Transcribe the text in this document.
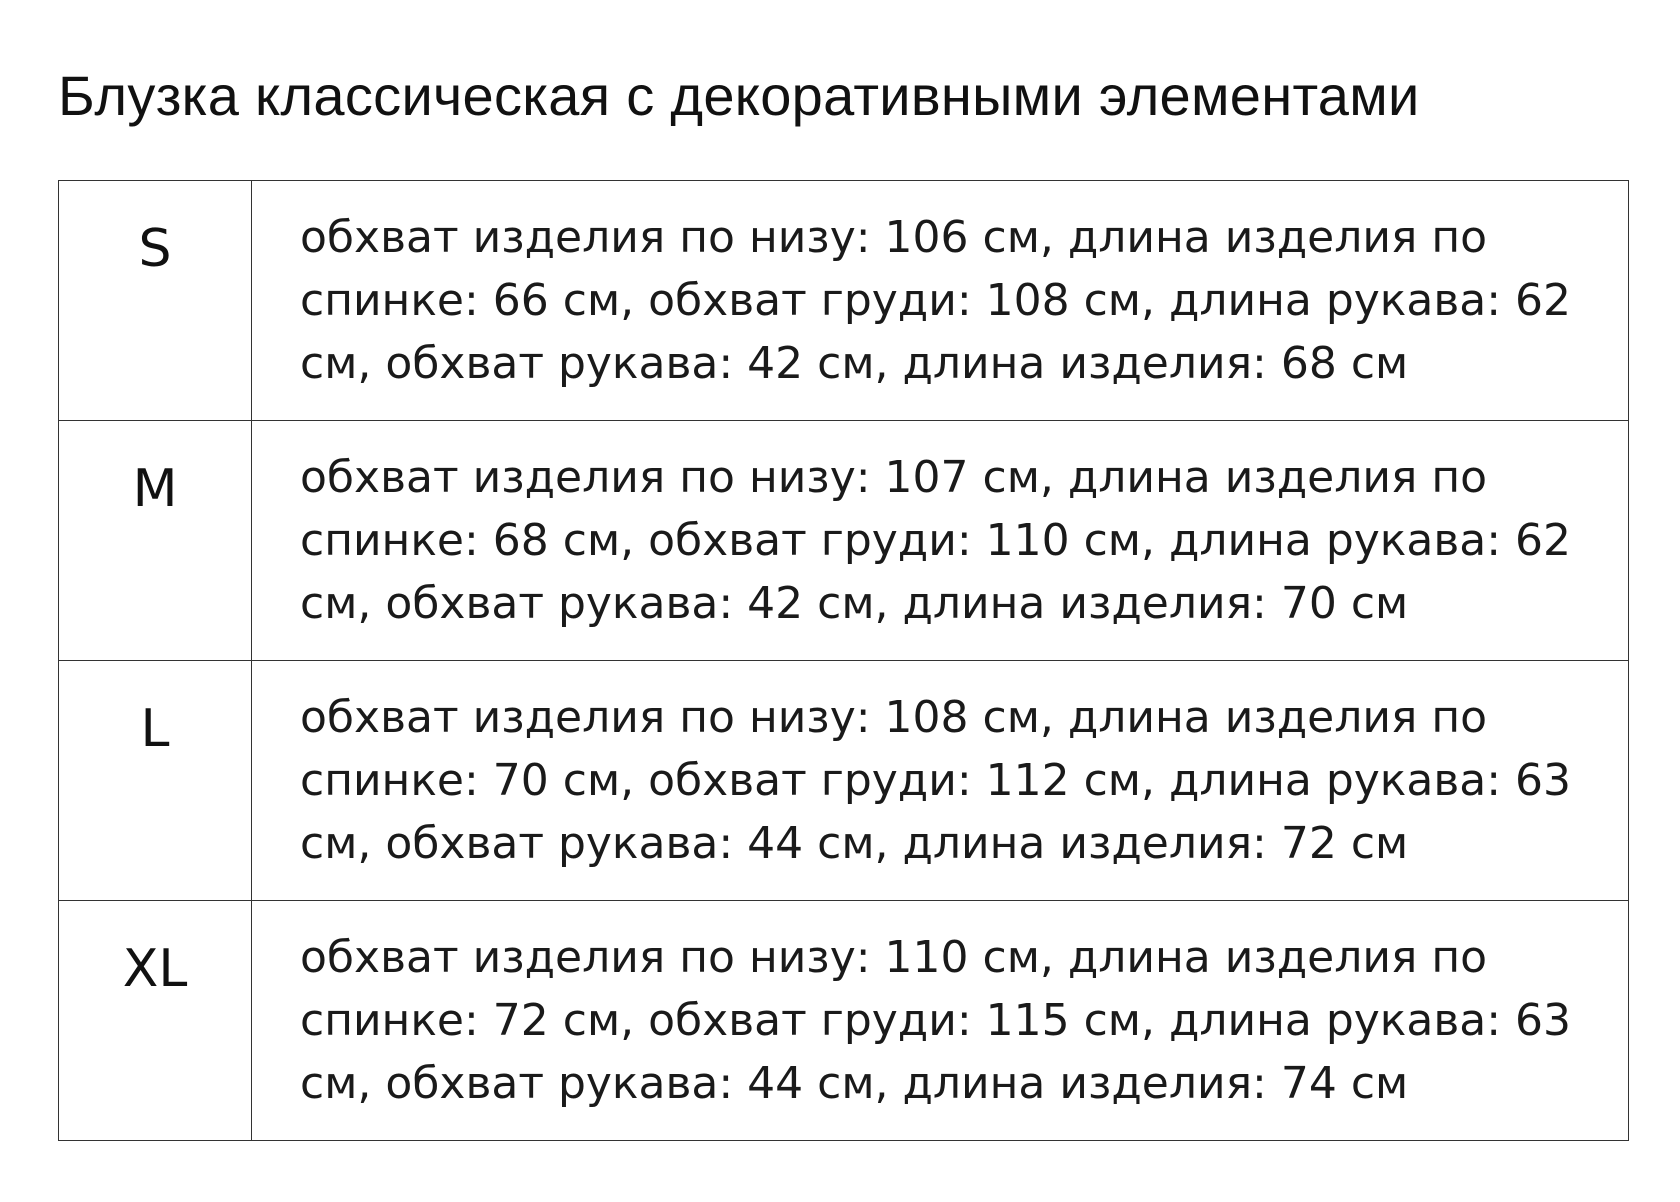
Блузка классическая с декоративными элементами
S	обхват изделия по низу: 106 см, длина изделия по спинке: 66 см, обхват груди: 108 см, длина рукава: 62 см, обхват рукава: 42 см, длина изделия: 68 см

M	обхват изделия по низу: 107 см, длина изделия по спинке: 68 см, обхват груди: 110 см, длина рукава: 62 см, обхват рукава: 42 см, длина изделия: 70 см

L	обхват изделия по низу: 108 см, длина изделия по спинке: 70 см, обхват груди: 112 см, длина рукава: 63 см, обхват рукава: 44 см, длина изделия: 72 см

XL	обхват изделия по низу: 110 см, длина изделия по спинке: 72 см, обхват груди: 115 см, длина рукава: 63 см, обхват рукава: 44 см, длина изделия: 74 см
